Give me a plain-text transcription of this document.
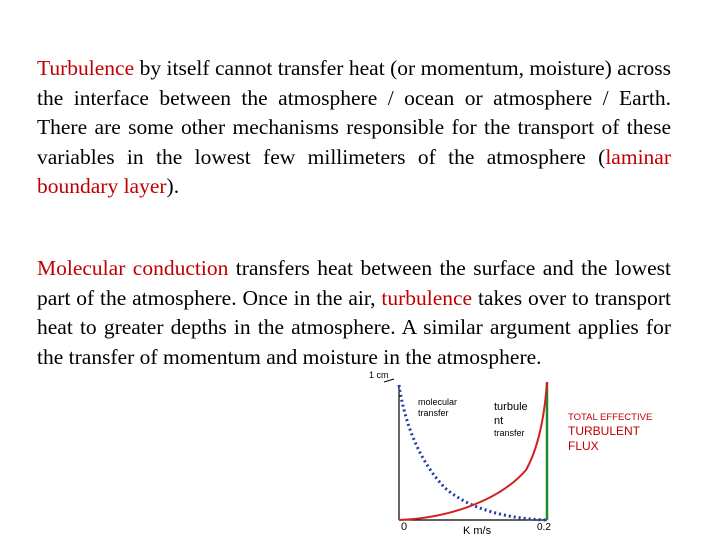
Turbulence by itself cannot transfer heat (or momentum, moisture) across the interface between the atmosphere / ocean or atmosphere / Earth. There are some other mechanisms responsible for the transport of these variables in the lowest few millimeters of the atmosphere (laminar boundary layer).
Molecular conduction transfers heat between the surface and the lowest part of the atmosphere. Once in the air, turbulence takes over to transport heat to greater depths in the atmosphere. A similar argument applies for the transfer of momentum and moisture in the atmosphere.
1 cm
molecular
transfer	turbule
nt
transfer
0	K m/s	0.2
TOTAL EFFECTIVE
TURBULENT
FLUX
